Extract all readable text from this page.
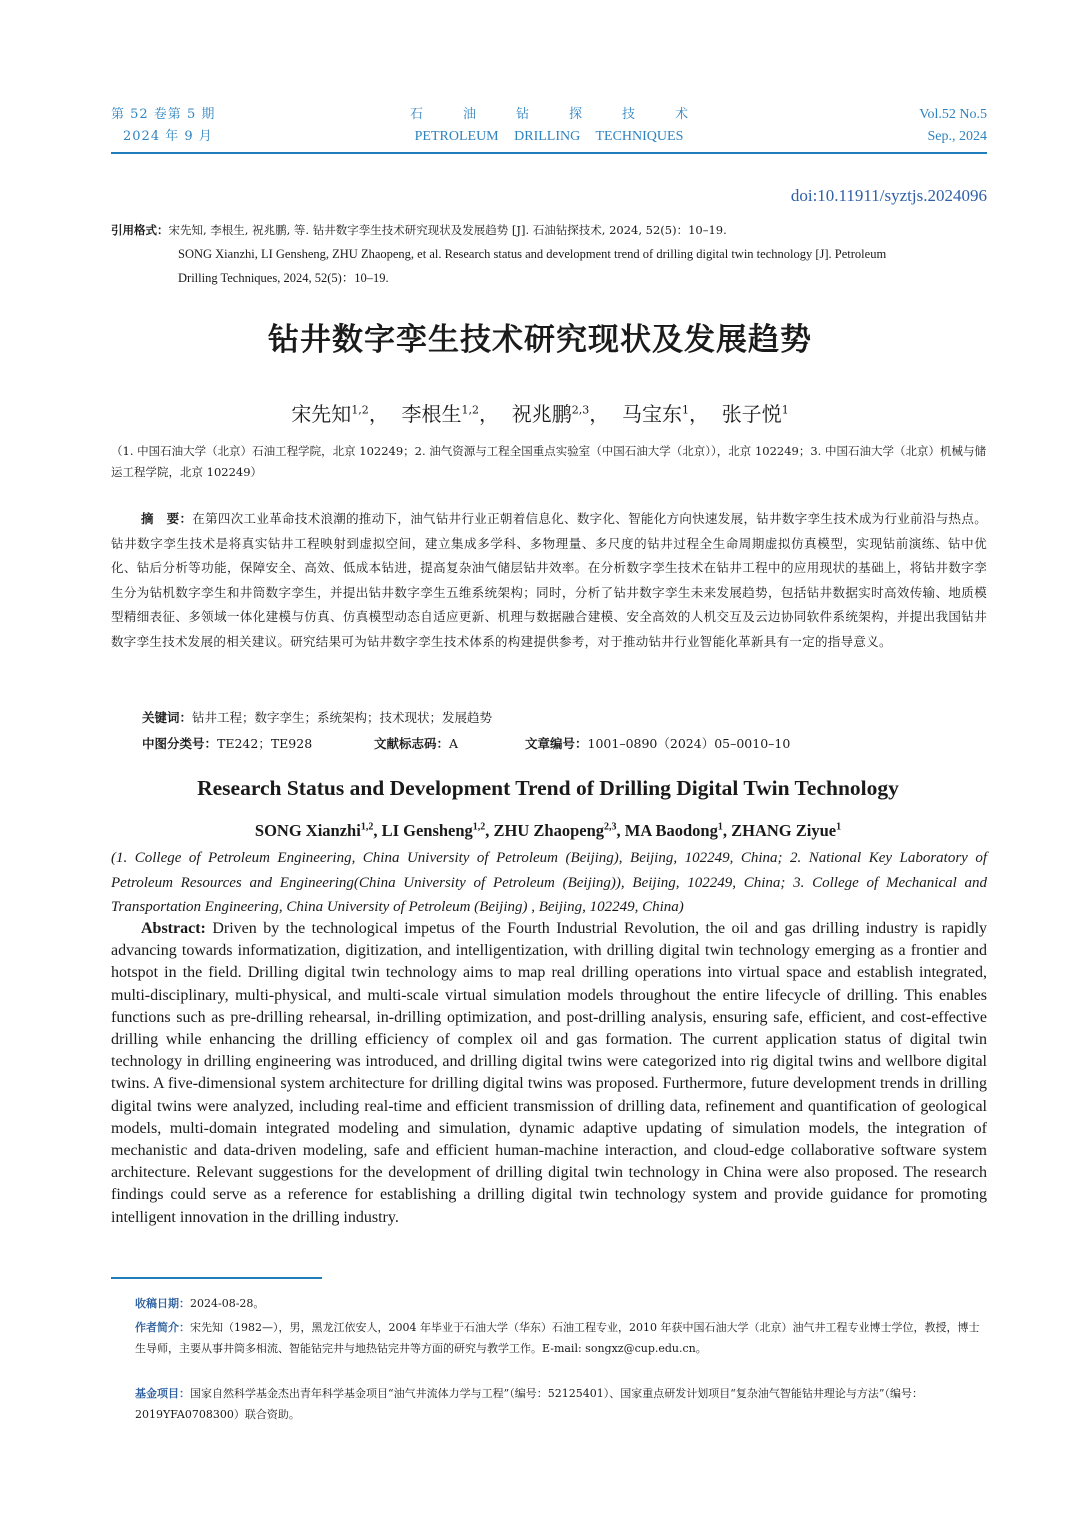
第 52 卷第 5 期
2024 年 9 月
石油钻探技术
PETROLEUM DRILLING TECHNIQUES
Vol.52 No.5
Sep., 2024
doi:10.11911/syztjs.2024096
引用格式：宋先知, 李根生, 祝兆鹏, 等. 钻井数字孪生技术研究现状及发展趋势 [J]. 石油钻探技术, 2024, 52(5)：10–19.
SONG Xianzhi, LI Gensheng, ZHU Zhaopeng, et al. Research status and development trend of drilling digital twin technology [J]. Petroleum
Drilling Techniques, 2024, 52(5)：10–19.
钻井数字孪生技术研究现状及发展趋势
宋先知$^{1,2}$，  李根生$^{1,2}$，  祝兆鹏$^{2,3}$，  马宝东$^1$，  张子悦$^1$
（1. 中国石油大学（北京）石油工程学院，北京 102249；2. 油气资源与工程全国重点实验室（中国石油大学（北京）），北京 102249；3. 中国石油大学（北京）机械与储运工程学院，北京 102249）
摘　要：在第四次工业革命技术浪潮的推动下，油气钻井行业正朝着信息化、数字化、智能化方向快速发展，钻井数字孪生技术成为行业前沿与热点。钻井数字孪生技术是将真实钻井工程映射到虚拟空间，建立集成多学科、多物理量、多尺度的钻井过程全生命周期虚拟仿真模型，实现钻前演练、钻中优化、钻后分析等功能，保障安全、高效、低成本钻进，提高复杂油气储层钻井效率。在分析数字孪生技术在钻井工程中的应用现状的基础上，将钻井数字孪生分为钻机数字孪生和井筒数字孪生，并提出钻井数字孪生五维系统架构；同时，分析了钻井数字孪生未来发展趋势，包括钻井数据实时高效传输、地质模型精细表征、多领域一体化建模与仿真、仿真模型动态自适应更新、机理与数据融合建模、安全高效的人机交互及云边协同软件系统架构，并提出我国钻井数字孪生技术发展的相关建议。研究结果可为钻井数字孪生技术体系的构建提供参考，对于推动钻井行业智能化革新具有一定的指导意义。
关键词：钻井工程；数字孪生；系统架构；技术现状；发展趋势
中图分类号：TE242；TE928	文献标志码：A	文章编号：1001–0890（2024）05–0010–10
Research Status and Development Trend of Drilling Digital Twin Technology
SONG Xianzhi$^{1,2}$, LI Gensheng$^{1,2}$, ZHU Zhaopeng$^{2,3}$, MA Baodong$^1$, ZHANG Ziyue$^1$
(1. College of Petroleum Engineering, China University of Petroleum (Beijing), Beijing, 102249, China; 2. National Key Laboratory of Petroleum Resources and Engineering(China University of Petroleum (Beijing)), Beijing, 102249, China; 3. College of Mechanical and Transportation Engineering, China University of Petroleum (Beijing) , Beijing, 102249, China)
Abstract: Driven by the technological impetus of the Fourth Industrial Revolution, the oil and gas drilling industry is rapidly advancing towards informatization, digitization, and intelligentization, with drilling digital twin technology emerging as a frontier and hotspot in the field. Drilling digital twin technology aims to map real drilling operations into virtual space and establish integrated, multi-disciplinary, multi-physical, and multi-scale virtual simulation models throughout the entire lifecycle of drilling. This enables functions such as pre-drilling rehearsal, in-drilling optimization, and post-drilling analysis, ensuring safe, efficient, and cost-effective drilling while enhancing the drilling efficiency of complex oil and gas formation. The current application status of digital twin technology in drilling engineering was introduced, and drilling digital twins were categorized into rig digital twins and wellbore digital twins. A five-dimensional system architecture for drilling digital twins was proposed. Furthermore, future development trends in drilling digital twins were analyzed, including real-time and efficient transmission of drilling data, refinement and quantification of geological models, multi-domain integrated modeling and simulation, dynamic adaptive updating of simulation models, the integration of mechanistic and data-driven modeling, safe and efficient human-machine interaction, and cloud-edge collaborative software system architecture. Relevant suggestions for the development of drilling digital twin technology in China were also proposed. The research findings could serve as a reference for establishing a drilling digital twin technology system and provide guidance for promoting intelligent innovation in the drilling industry.
收稿日期：2024-08-28。
作者简介：宋先知（1982—），男，黑龙江依安人，2004 年毕业于石油大学（华东）石油工程专业，2010 年获中国石油大学（北京）油气井工程专业博士学位，教授，博士生导师，主要从事井筒多相流、智能钻完井与地热钻完井等方面的研究与教学工作。E-mail: songxz@cup.edu.cn。
基金项目：国家自然科学基金杰出青年科学基金项目“油气井流体力学与工程”（编号：52125401）、国家重点研发计划项目“复杂油气智能钻井理论与方法”（编号：2019YFA0708300）联合资助。
